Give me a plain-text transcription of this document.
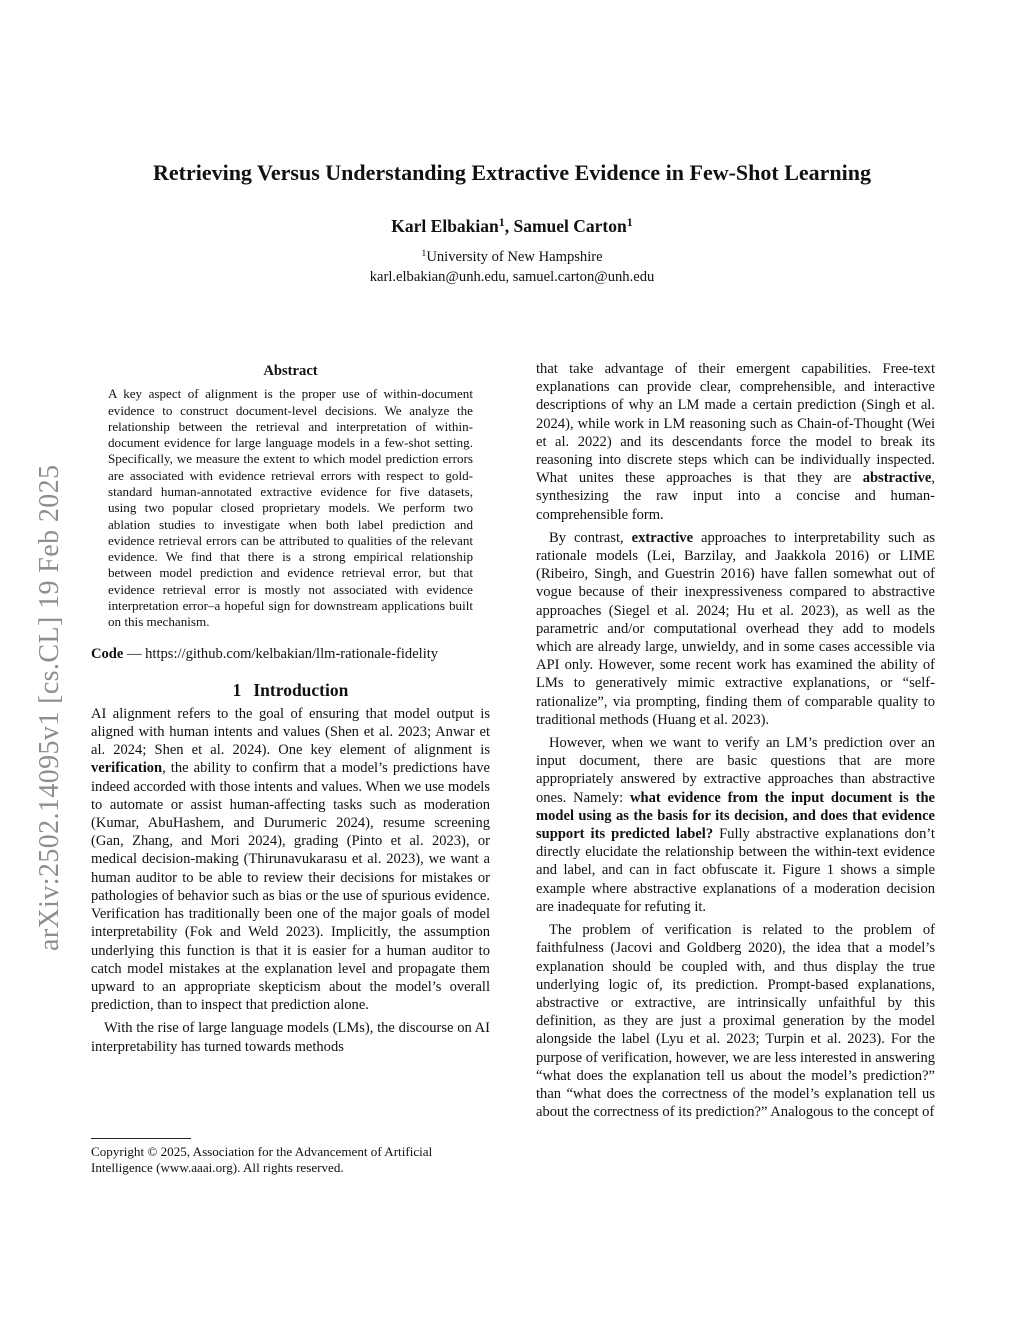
arXiv:2502.14095v1 [cs.CL] 19 Feb 2025
Retrieving Versus Understanding Extractive Evidence in Few-Shot Learning
Karl Elbakian$^1$, Samuel Carton$^1$
$^1$University of New Hampshire
karl.elbakian@unh.edu, samuel.carton@unh.edu
Abstract
A key aspect of alignment is the proper use of within-document evidence to construct document-level decisions. We analyze the relationship between the retrieval and interpretation of within-document evidence for large language models in a few-shot setting. Specifically, we measure the extent to which model prediction errors are associated with evidence retrieval errors with respect to gold-standard human-annotated extractive evidence for five datasets, using two popular closed proprietary models. We perform two ablation studies to investigate when both label prediction and evidence retrieval errors can be attributed to qualities of the relevant evidence. We find that there is a strong empirical relationship between model prediction and evidence retrieval error, but that evidence retrieval error is mostly not associated with evidence interpretation error–a hopeful sign for downstream applications built on this mechanism.
Code — https://github.com/kelbakian/llm-rationale-fidelity
1 Introduction

AI alignment refers to the goal of ensuring that model output is aligned with human intents and values (Shen et al. 2023; Anwar et al. 2024; Shen et al. 2024). One key element of alignment is verification, the ability to confirm that a model’s predictions have indeed accorded with those intents and values. When we use models to automate or assist human-affecting tasks such as moderation (Kumar, AbuHashem, and Durumeric 2024), resume screening (Gan, Zhang, and Mori 2024), grading (Pinto et al. 2023), or medical decision-making (Thirunavukarasu et al. 2023), we want a human auditor to be able to review their decisions for mistakes or pathologies of behavior such as bias or the use of spurious evidence. Verification has traditionally been one of the major goals of model interpretability (Fok and Weld 2023). Implicitly, the assumption underlying this function is that it is easier for a human auditor to catch model mistakes at the explanation level and propagate them upward to an appropriate skepticism about the model’s overall prediction, than to inspect that prediction alone.

With the rise of large language models (LMs), the discourse on AI interpretability has turned towards methods

Copyright © 2025, Association for the Advancement of Artificial Intelligence (www.aaai.org). All rights reserved.

that take advantage of their emergent capabilities. Free-text explanations can provide clear, comprehensible, and interactive descriptions of why an LM made a certain prediction (Singh et al. 2024), while work in LM reasoning such as Chain-of-Thought (Wei et al. 2022) and its descendants force the model to break its reasoning into discrete steps which can be individually inspected. What unites these approaches is that they are abstractive, synthesizing the raw input into a concise and human-comprehensible form.

By contrast, extractive approaches to interpretability such as rationale models (Lei, Barzilay, and Jaakkola 2016) or LIME (Ribeiro, Singh, and Guestrin 2016) have fallen somewhat out of vogue because of their inexpressiveness compared to abstractive approaches (Siegel et al. 2024; Hu et al. 2023), as well as the parametric and/or computational overhead they add to models which are already large, unwieldy, and in some cases accessible via API only. However, some recent work has examined the ability of LMs to generatively mimic extractive explanations, or “self-rationalize”, via prompting, finding them of comparable quality to traditional methods (Huang et al. 2023).

However, when we want to verify an LM’s prediction over an input document, there are basic questions that are more appropriately answered by extractive approaches than abstractive ones. Namely: what evidence from the input document is the model using as the basis for its decision, and does that evidence support its predicted label? Fully abstractive explanations don’t directly elucidate the relationship between the within-text evidence and label, and can in fact obfuscate it. Figure 1 shows a simple example where abstractive explanations of a moderation decision are inadequate for refuting it.

The problem of verification is related to the problem of faithfulness (Jacovi and Goldberg 2020), the idea that a model’s explanation should be coupled with, and thus display the true underlying logic of, its prediction. Prompt-based explanations, abstractive or extractive, are intrinsically unfaithful by this definition, as they are just a proximal generation by the model alongside the label (Lyu et al. 2023; Turpin et al. 2023). For the purpose of verification, however, we are less interested in answering “what does the explanation tell us about the model’s prediction?” than “what does the correctness of the model’s explanation tell us about the correctness of its prediction?” Analogous to the concept of
